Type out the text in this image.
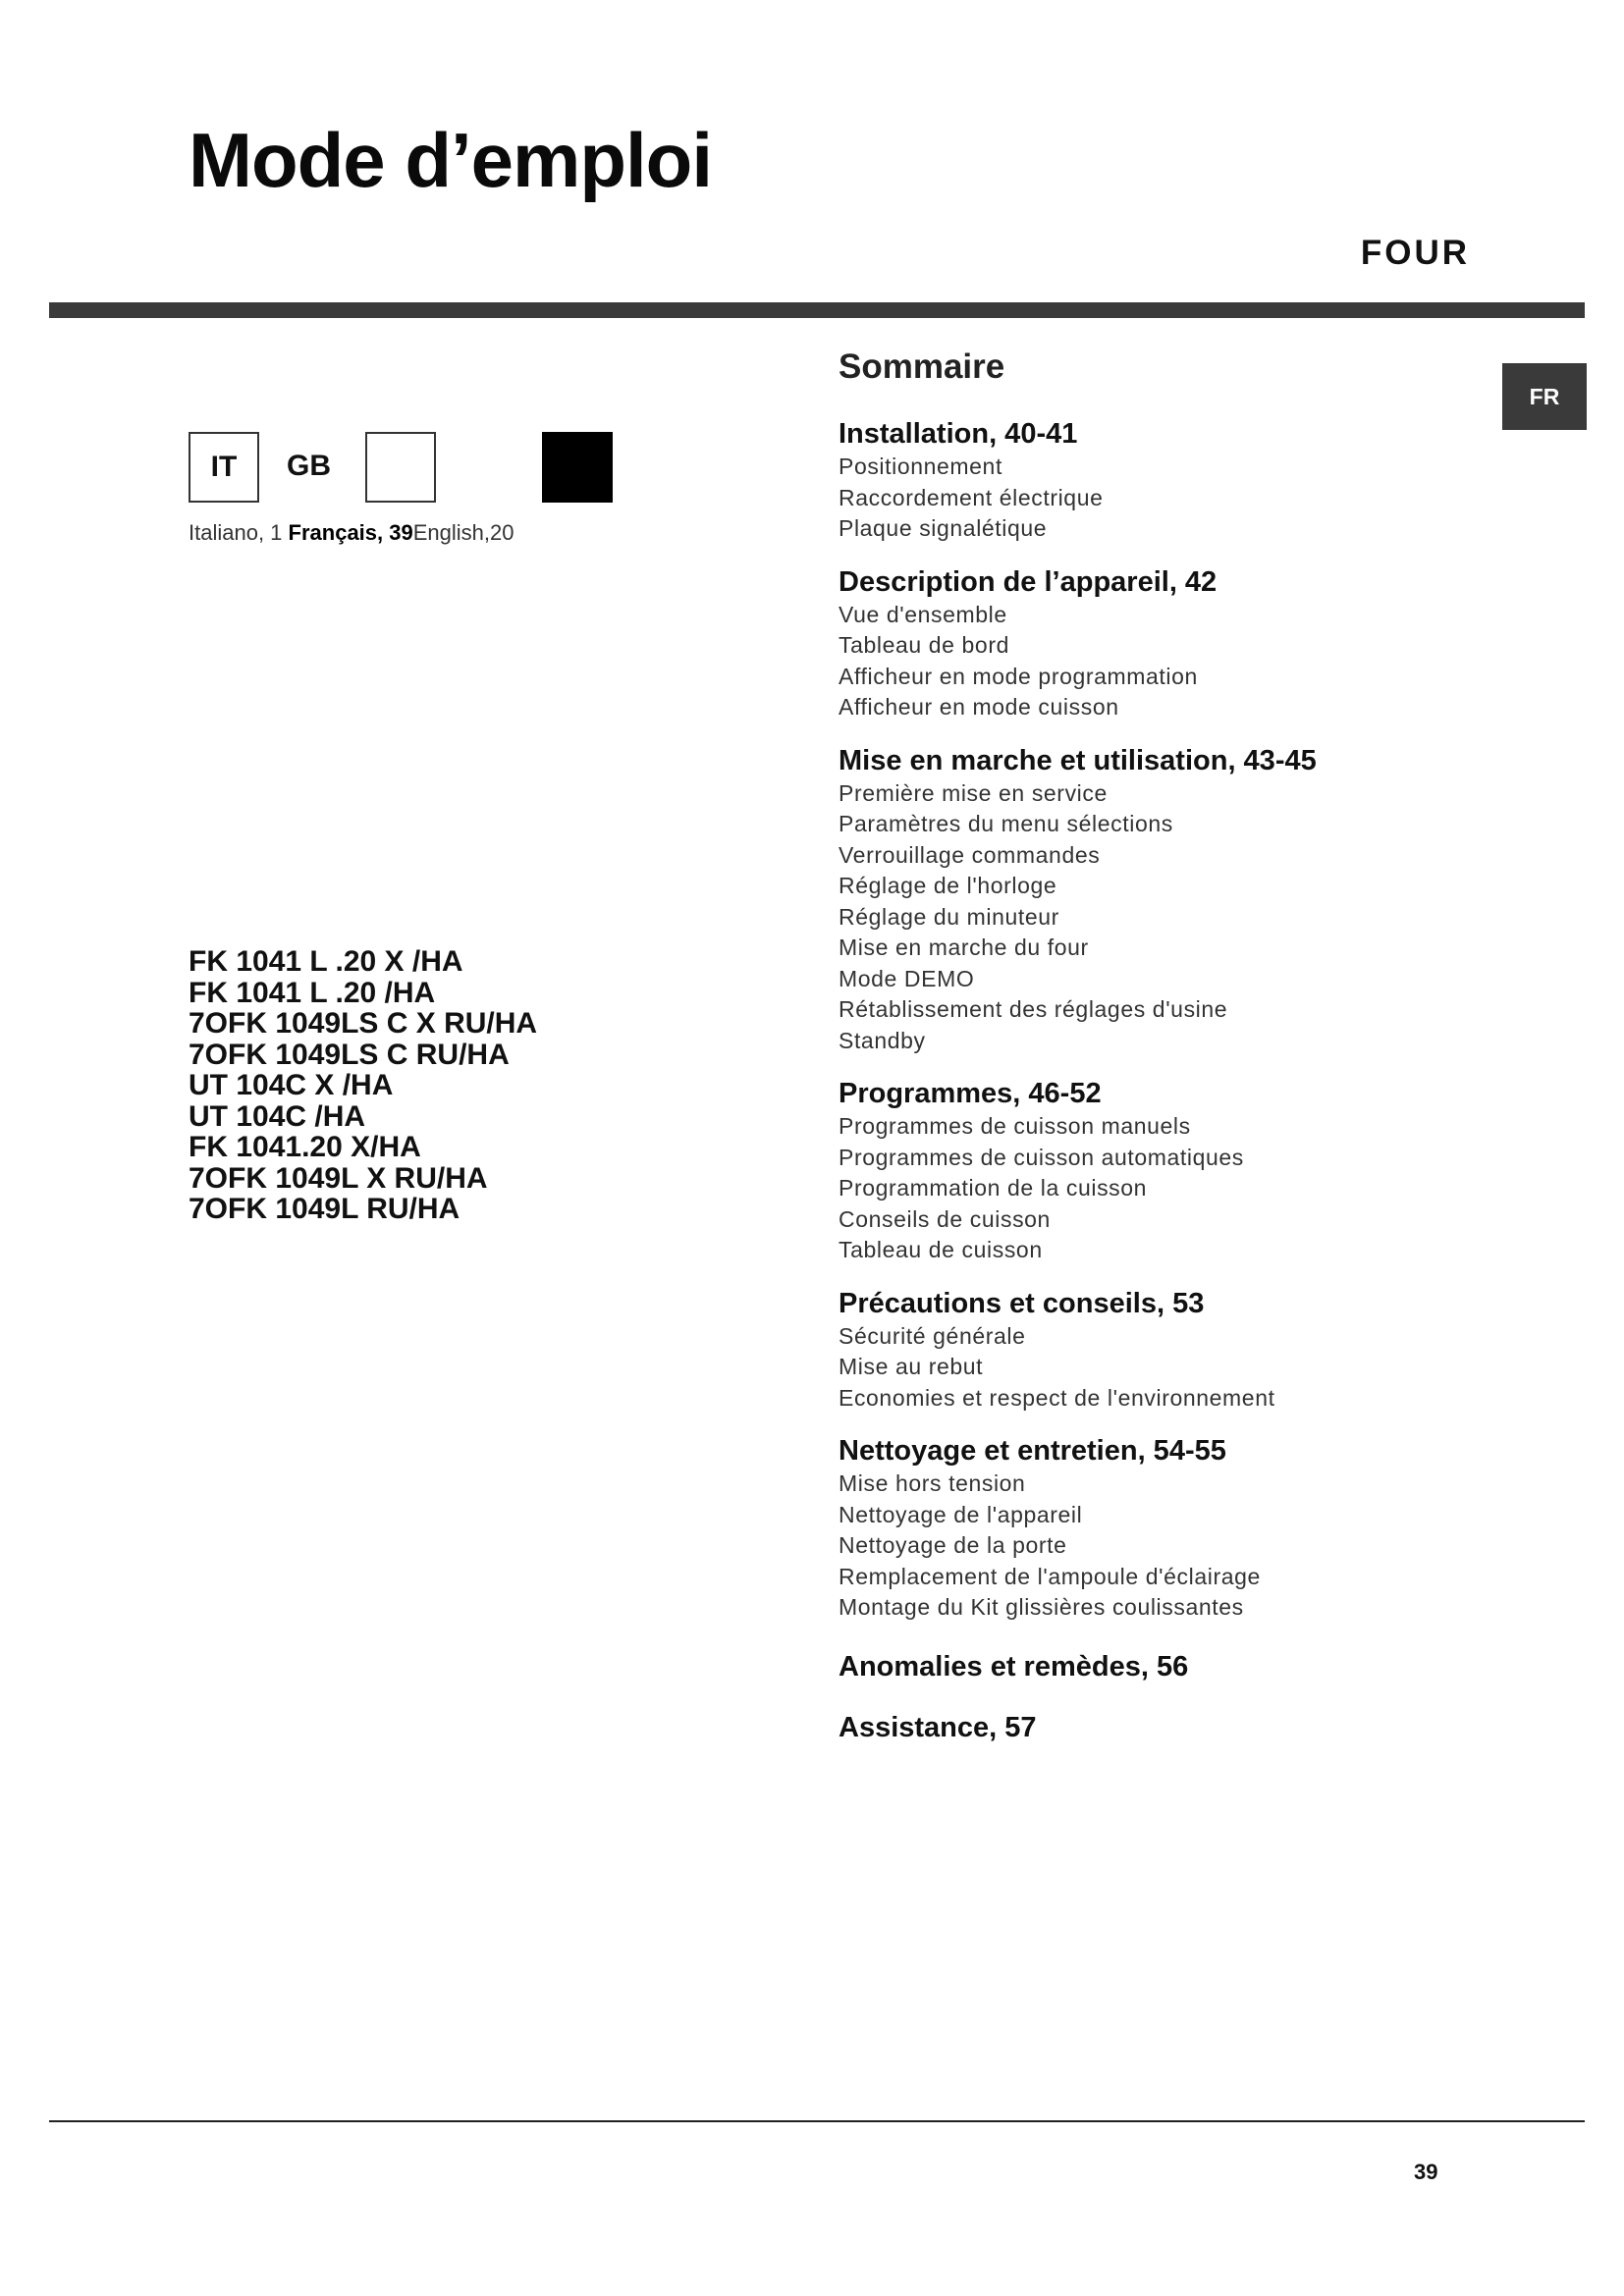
Mode d’emploi
FOUR
FR
IT	GB
Italiano, 1 Français, 39English,20
FK 1041 L .20 X /HA
FK 1041 L .20 /HA
7OFK 1049LS C X RU/HA
7OFK 1049LS C RU/HA
UT 104C X /HA
UT 104C /HA
FK 1041.20 X/HA
7OFK 1049L X RU/HA
7OFK 1049L RU/HA
Sommaire
Installation, 40-41
Positionnement
Raccordement électrique
Plaque signalétique
Description de l’appareil, 42
Vue d'ensemble
Tableau de bord
Afficheur en mode programmation
Afficheur en mode cuisson
Mise en marche et utilisation, 43-45
Première mise en service
Paramètres du menu sélections
Verrouillage commandes
Réglage de l'horloge
Réglage du minuteur
Mise en marche du four
Mode DEMO
Rétablissement des réglages d'usine
Standby
Programmes, 46-52
Programmes de cuisson manuels
Programmes de cuisson automatiques
Programmation de la cuisson
Conseils de cuisson
Tableau de cuisson
Précautions et conseils, 53
Sécurité générale
Mise au rebut
Economies et respect de l'environnement
Nettoyage et entretien, 54-55
Mise hors tension
Nettoyage de l'appareil
Nettoyage de la porte
Remplacement de l'ampoule d'éclairage
Montage du Kit glissières coulissantes
Anomalies et remèdes, 56
Assistance, 57
39
